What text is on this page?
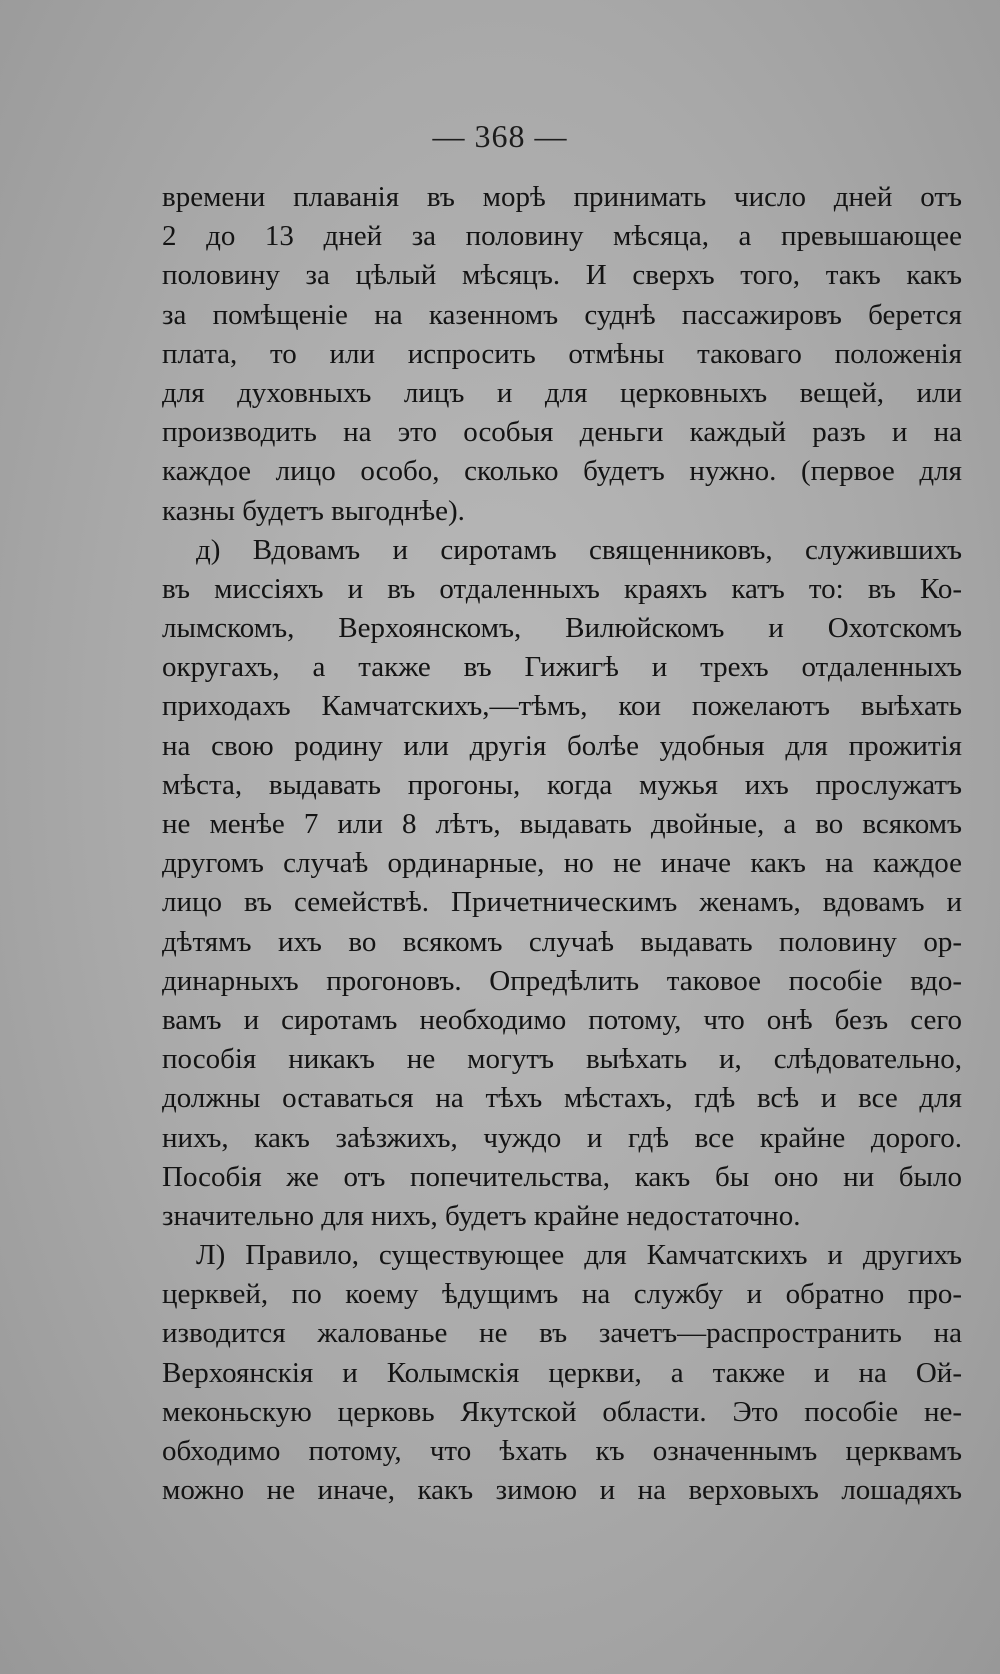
— 368 —

времени плаванія въ морѣ принимать число дней отъ
2 до 13 дней за половину мѣсяца, а превышающее
половину за цѣлый мѣсяцъ. И сверхъ того, такъ какъ
за помѣщеніе на казенномъ суднѣ пассажировъ берется
плата, то или испросить отмѣны таковаго положенія
для духовныхъ лицъ и для церковныхъ вещей, или
производить на это особыя деньги каждый разъ и на
каждое лицо особо, сколько будетъ нужно. (первое для
казны будетъ выгоднѣе).

д) Вдовамъ и сиротамъ священниковъ, служившихъ
въ миссіяхъ и въ отдаленныхъ краяхъ катъ то: въ Ко-
лымскомъ, Верхоянскомъ, Вилюйскомъ и Охотскомъ
округахъ, а также въ Гижигѣ и трехъ отдаленныхъ
приходахъ Камчатскихъ,—тѣмъ, кои пожелаютъ выѣхать
на свою родину или другія болѣе удобныя для прожитія
мѣста, выдавать прогоны, когда мужья ихъ прослужатъ
не менѣе 7 или 8 лѣтъ, выдавать двойные, а во всякомъ
другомъ случаѣ ординарные, но не иначе какъ на каждое
лицо въ семействѣ. Причетническимъ женамъ, вдовамъ и
дѣтямъ ихъ во всякомъ случаѣ выдавать половину ор-
динарныхъ прогоновъ. Опредѣлить таковое пособіе вдо-
вамъ и сиротамъ необходимо потому, что онѣ безъ сего
пособія никакъ не могутъ выѣхать и, слѣдовательно,
должны оставаться на тѣхъ мѣстахъ, гдѣ всѣ и все для
нихъ, какъ заѣзжихъ, чуждо и гдѣ все крайне дорого.
Пособія же отъ попечительства, какъ бы оно ни было
значительно для нихъ, будетъ крайне недостаточно.

Л) Правило, существующее для Камчатскихъ и другихъ
церквей, по коему ѣдущимъ на службу и обратно про-
изводится жалованье не въ зачетъ—распространить на
Верхоянскія и Колымскія церкви, а также и на Ой-
меконьскую церковь Якутской области. Это пособіе не-
обходимо потому, что ѣхать къ означеннымъ церквамъ
можно не иначе, какъ зимою и на верховыхъ лошадяхъ
